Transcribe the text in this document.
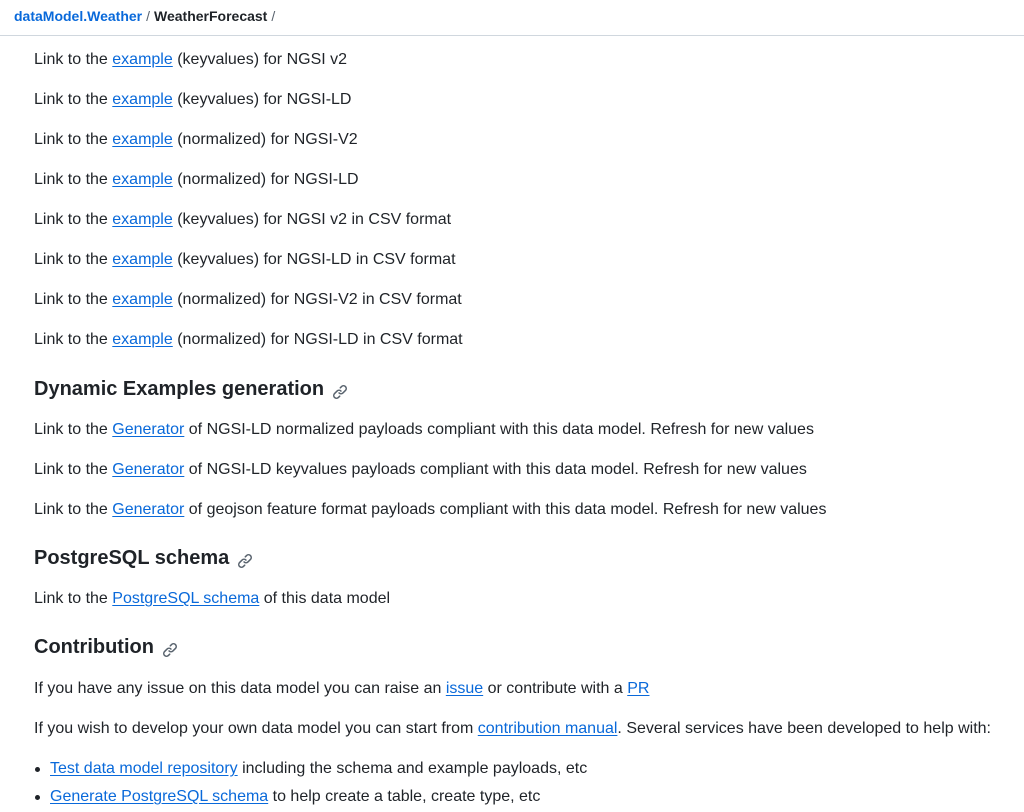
dataModel.Weather / WeatherForecast /
Link to the example (keyvalues) for NGSI v2
Link to the example (keyvalues) for NGSI-LD
Link to the example (normalized) for NGSI-V2
Link to the example (normalized) for NGSI-LD
Link to the example (keyvalues) for NGSI v2 in CSV format
Link to the example (keyvalues) for NGSI-LD in CSV format
Link to the example (normalized) for NGSI-V2 in CSV format
Link to the example (normalized) for NGSI-LD in CSV format
Dynamic Examples generation
Link to the Generator of NGSI-LD normalized payloads compliant with this data model. Refresh for new values
Link to the Generator of NGSI-LD keyvalues payloads compliant with this data model. Refresh for new values
Link to the Generator of geojson feature format payloads compliant with this data model. Refresh for new values
PostgreSQL schema
Link to the PostgreSQL schema of this data model
Contribution
If you have any issue on this data model you can raise an issue or contribute with a PR
If you wish to develop your own data model you can start from contribution manual. Several services have been developed to help with:
Test data model repository including the schema and example payloads, etc
Generate PostgreSQL schema to help create a table, create type, etc
